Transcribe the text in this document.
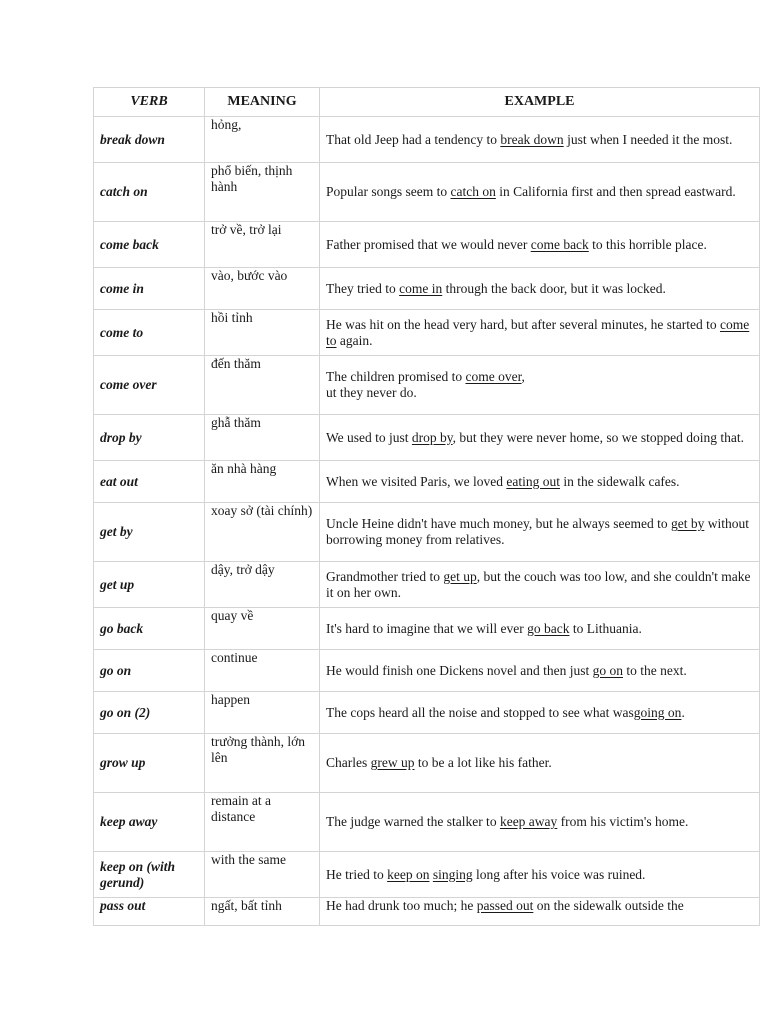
VERB	MEANING	EXAMPLE
break down	hỏng,	That old Jeep had a tendency to break down just when I needed it the most.
catch on	phổ biến, thịnh hành	Popular songs seem to catch on in California first and then spread eastward.
come back	trở về, trở lại	Father promised that we would never come back to this horrible place.
come in	vào, bước vào	They tried to come in through the back door, but it was locked.
come to	hồi tỉnh	He was hit on the head very hard, but after several minutes, he started to come to again.
come over	đến thăm	The children promised to come over,
ut they never do.
drop by	ghẫ thăm	We used to just drop by, but they were never home, so we stopped doing that.
eat out	ăn nhà hàng	When we visited Paris, we loved eating out in the sidewalk cafes.
get by	xoay sở (tài chính)	Uncle Heine didn't have much money, but he always seemed to get by without borrowing money from relatives.
get up	dậy, trở dậy	Grandmother tried to get up, but the couch was too low, and she couldn't make it on her own.
go back	quay về	It's hard to imagine that we will ever go back to Lithuania.
go on	continue	He would finish one Dickens novel and then just go on to the next.
go on (2)	happen	The cops heard all the noise and stopped to see what wasgoing on.
grow up	trưởng thành, lớn lên	Charles grew up to be a lot like his father.
keep away	remain at a distance	The judge warned the stalker to keep away from his victim's home.
keep on (with gerund)	with the same	He tried to keep on singing long after his voice was ruined.
pass out	ngất, bất tỉnh	He had drunk too much; he passed out on the sidewalk outside the
